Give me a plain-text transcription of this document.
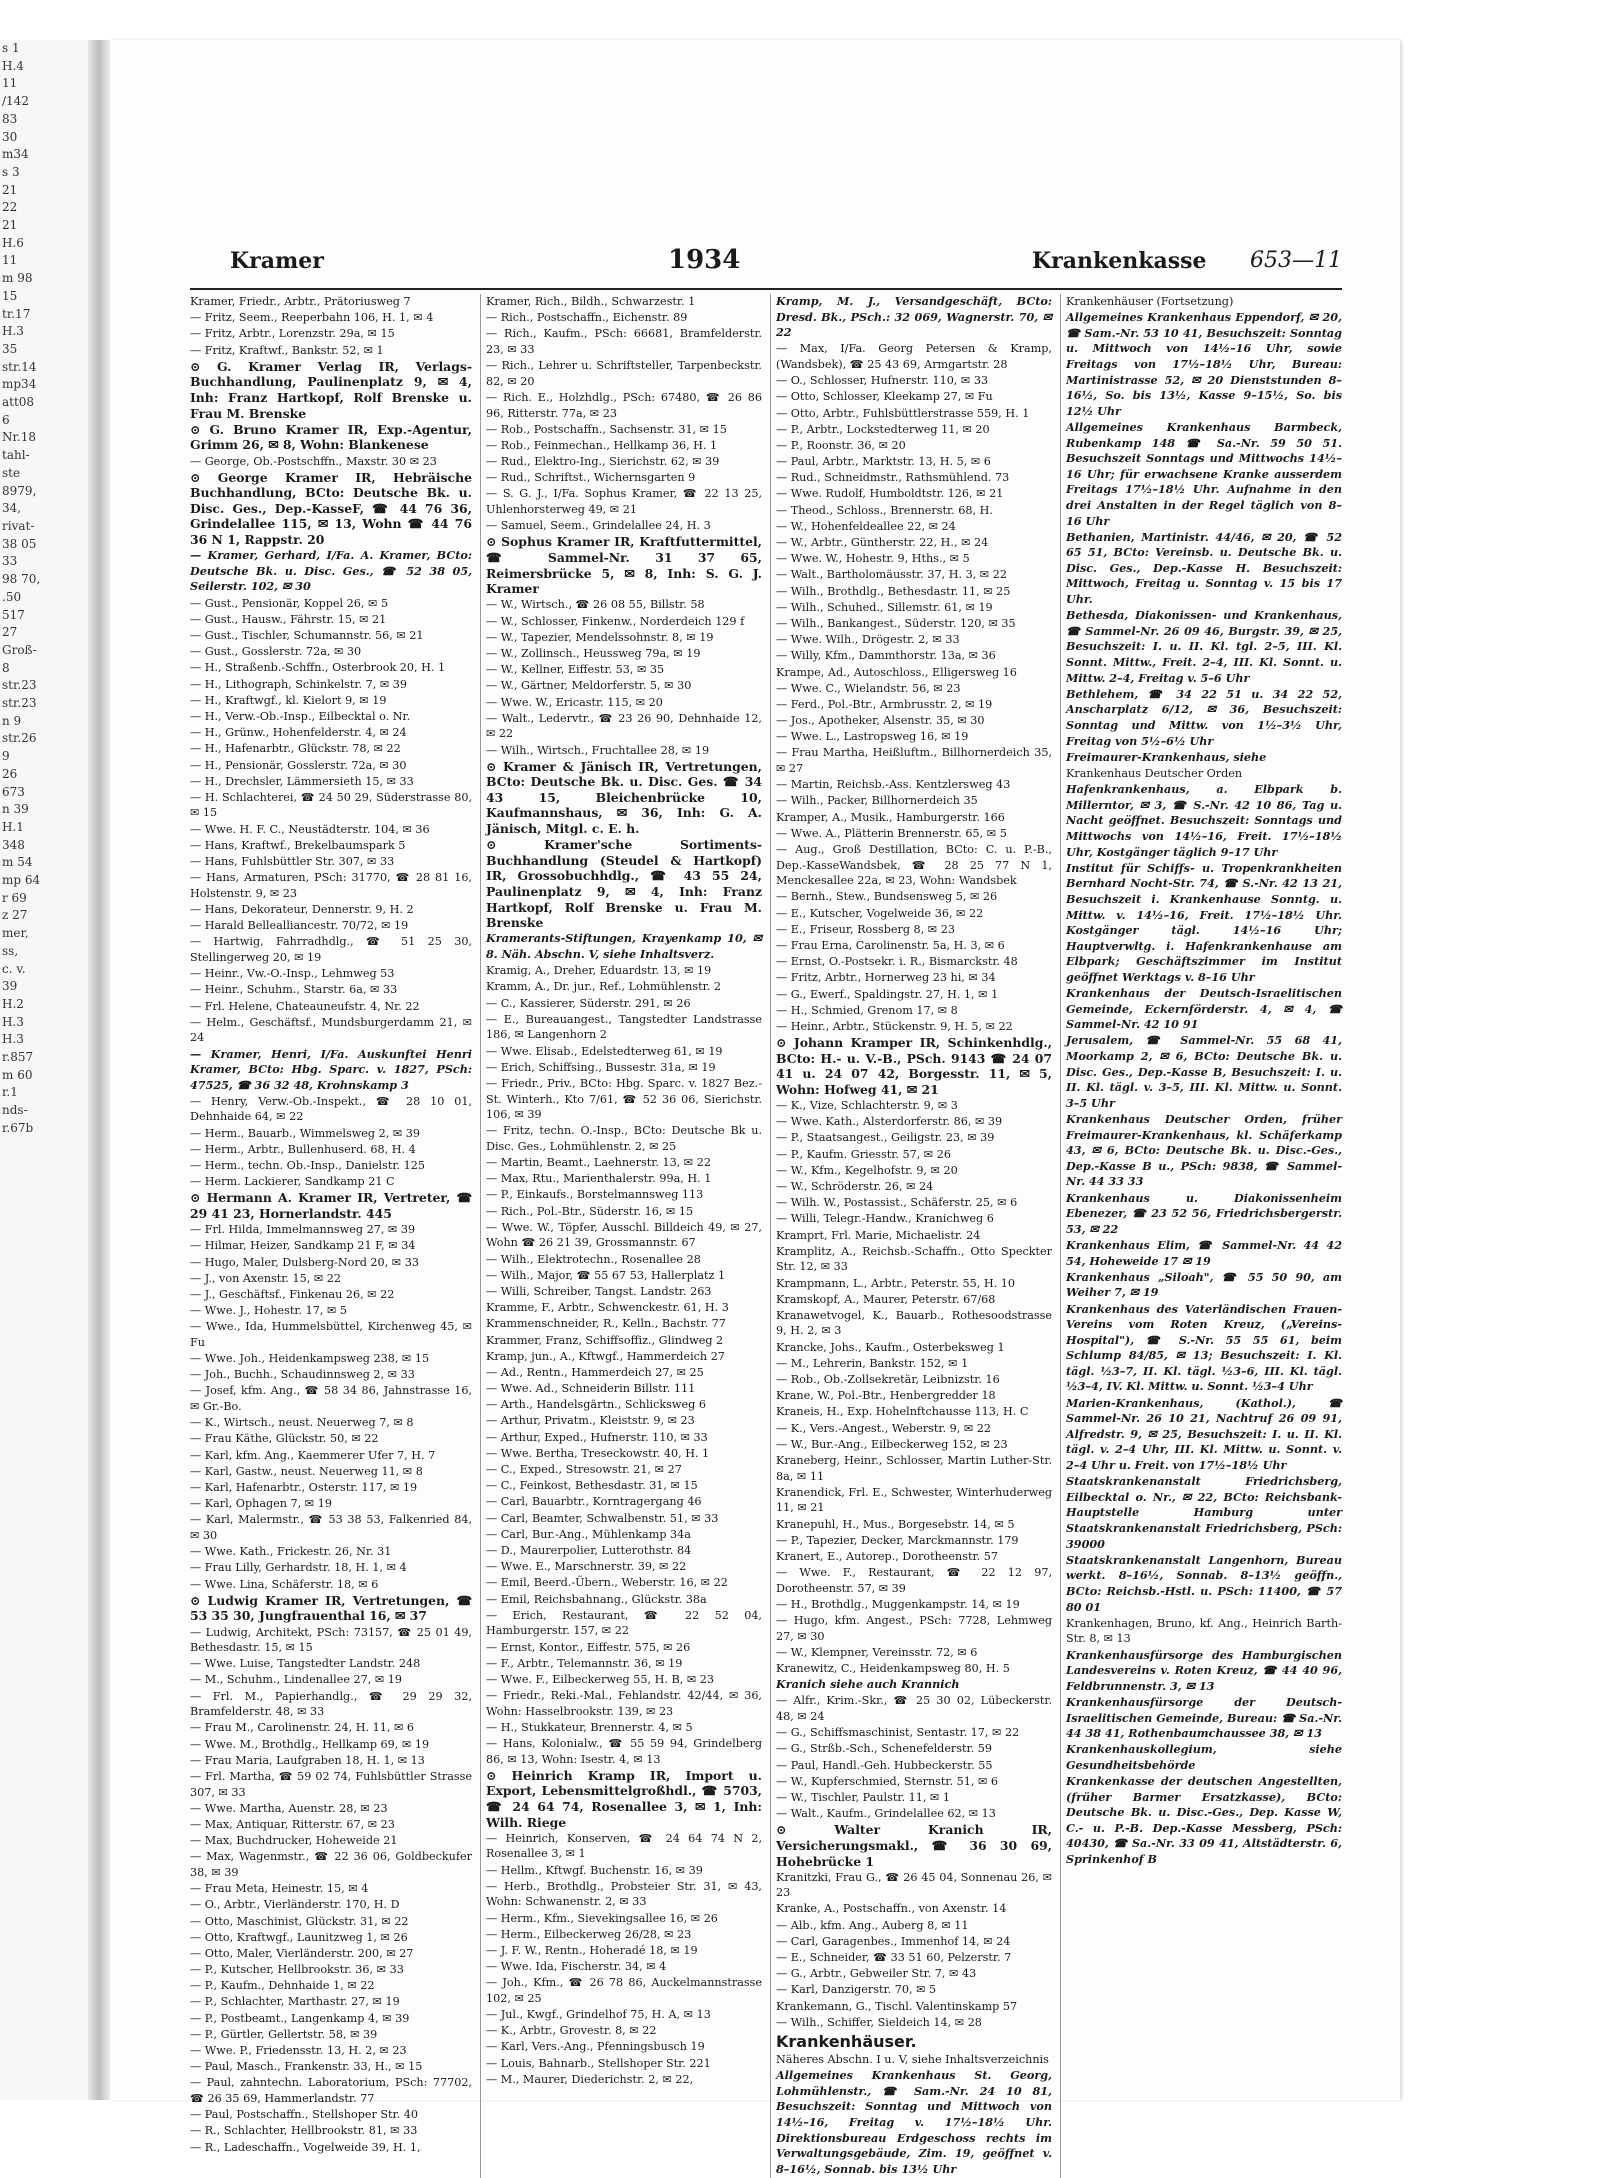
s 1
H.4
11
/142
83
30
m34
s 3
21
22
21
H.6
11
m 98
15
tr.17
H.3
35
str.14
mp34
att08
6
Nr.18
tahl-
ste
8979,
34,
rivat-
38 05
33
98 70,
.50
517
27
Groß-
8
str.23
str.23
n 9
str.26
9
26
673
n 39
H.1
348
m 54
mp 64
r 69
z 27
mer,
ss,
c. v.
39
H.2
H.3
H.3
r.857
m 60
r.1
nds-
r.67b
Kramer	1934	Krankenkasse 653—11
Kramer, Friedr., Arbtr., Prätoriusweg 7
— Fritz, Seem., Reeperbahn 106, H. 1, ✉ 4
— Fritz, Arbtr., Lorenzstr. 29a, ✉ 15
— Fritz, Kraftwf., Bankstr. 52, ✉ 1
⊙ G. Kramer Verlag IR, Verlags-Buchhandlung, Paulinenplatz 9, ✉ 4, Inh: Franz Hartkopf, Rolf Brenske u. Frau M. Brenske
⊙ G. Bruno Kramer IR, Exp.-Agentur, Grimm 26, ✉ 8, Wohn: Blankenese
— George, Ob.-Postschffn., Maxstr. 30 ✉ 23
⊙ George Kramer IR, Hebräische Buchhandlung, BCto: Deutsche Bk. u. Disc. Ges., Dep.-KasseF, ☎ 44 76 36, Grindelallee 115, ✉ 13, Wohn ☎ 44 76 36 N 1, Rappstr. 20
— Kramer, Gerhard, I/Fa. A. Kramer, BCto: Deutsche Bk. u. Disc. Ges., ☎ 52 38 05, Seilerstr. 102, ✉ 30
— Gust., Pensionär, Koppel 26, ✉ 5
— Gust., Hausw., Fährstr. 15, ✉ 21
— Gust., Tischler, Schumannstr. 56, ✉ 21
— Gust., Gosslerstr. 72a, ✉ 30
— H., Straßenb.-Schffn., Osterbrook 20, H. 1
— H., Lithograph, Schinkelstr. 7, ✉ 39
— H., Kraftwgf., kl. Kielort 9, ✉ 19
— H., Verw.-Ob.-Insp., Eilbecktal o. Nr.
— H., Grünw., Hohenfelderstr. 4, ✉ 24
— H., Hafenarbtr., Glückstr. 78, ✉ 22
— H., Pensionär, Gosslerstr. 72a, ✉ 30
— H., Drechsler, Lämmersieth 15, ✉ 33
— H. Schlachterei, ☎ 24 50 29, Süderstrasse 80, ✉ 15
— Wwe. H. F. C., Neustädterstr. 104, ✉ 36
— Hans, Kraftwf., Brekelbaumspark 5
— Hans, Fuhlsbüttler Str. 307, ✉ 33
— Hans, Armaturen, PSch: 31770, ☎ 28 81 16, Holstenstr. 9, ✉ 23
— Hans, Dekorateur, Dennerstr. 9, H. 2
— Harald Bellealliancestr. 70/72, ✉ 19
— Hartwig, Fahrradhdlg., ☎ 51 25 30, Stellingerweg 20, ✉ 19
— Heinr., Vw.-O.-Insp., Lehmweg 53
— Heinr., Schuhm., Starstr. 6a, ✉ 33
— Frl. Helene, Chateauneufstr. 4, Nr. 22
— Helm., Geschäftsf., Mundsburgerdamm 21, ✉ 24
— Kramer, Henri, I/Fa. Auskunftei Henri Kramer, BCto: Hbg. Sparc. v. 1827, PSch: 47525, ☎ 36 32 48, Krohnskamp 3
— Henry, Verw.-Ob.-Inspekt., ☎ 28 10 01, Dehnhaide 64, ✉ 22
— Herm., Bauarb., Wimmelsweg 2, ✉ 39
— Herm., Arbtr., Bullenhuserd. 68, H. 4
— Herm., techn. Ob.-Insp., Danielstr. 125
— Herm. Lackierer, Sandkamp 21 C
⊙ Hermann A. Kramer IR, Vertreter, ☎ 29 41 23, Hornerlandstr. 445
— Frl. Hilda, Immelmannsweg 27, ✉ 39
— Hilmar, Heizer, Sandkamp 21 F, ✉ 34
— Hugo, Maler, Dulsberg-Nord 20, ✉ 33
— J., von Axenstr. 15, ✉ 22
— J., Geschäftsf., Finkenau 26, ✉ 22
— Wwe. J., Hohestr. 17, ✉ 5
— Wwe., Ida, Hummelsbüttel, Kirchenweg 45, ✉ Fu
— Wwe. Joh., Heidenkampsweg 238, ✉ 15
— Joh., Buchh., Schaudinnsweg 2, ✉ 33
— Josef, kfm. Ang., ☎ 58 34 86, Jahnstrasse 16, ✉ Gr.-Bo.
— K., Wirtsch., neust. Neuerweg 7, ✉ 8
— Frau Käthe, Glückstr. 50, ✉ 22
— Karl, kfm. Ang., Kaemmerer Ufer 7, H. 7
— Karl, Gastw., neust. Neuerweg 11, ✉ 8
— Karl, Hafenarbtr., Osterstr. 117, ✉ 19
— Karl, Ophagen 7, ✉ 19
— Karl, Malermstr., ☎ 53 38 53, Falkenried 84, ✉ 30
— Wwe. Kath., Frickestr. 26, Nr. 31
— Frau Lilly, Gerhardstr. 18, H. 1, ✉ 4
— Wwe. Lina, Schäferstr. 18, ✉ 6
⊙ Ludwig Kramer IR, Vertretungen, ☎ 53 35 30, Jungfrauenthal 16, ✉ 37
— Ludwig, Architekt, PSch: 73157, ☎ 25 01 49, Bethesdastr. 15, ✉ 15
— Wwe. Luise, Tangstedter Landstr. 248
— M., Schuhm., Lindenallee 27, ✉ 19
— Frl. M., Papierhandlg., ☎ 29 29 32, Bramfelderstr. 48, ✉ 33
— Frau M., Carolinenstr. 24, H. 11, ✉ 6
— Wwe. M., Brothdlg., Hellkamp 69, ✉ 19
— Frau Maria, Laufgraben 18, H. 1, ✉ 13
— Frl. Martha, ☎ 59 02 74, Fuhlsbüttler Strasse 307, ✉ 33
— Wwe. Martha, Auenstr. 28, ✉ 23
— Max, Antiquar, Ritterstr. 67, ✉ 23
— Max, Buchdrucker, Hoheweide 21
— Max, Wagenmstr., ☎ 22 36 06, Goldbeckufer 38, ✉ 39
— Frau Meta, Heinestr. 15, ✉ 4
— O., Arbtr., Vierländerstr. 170, H. D
— Otto, Maschinist, Glückstr. 31, ✉ 22
— Otto, Kraftwgf., Launitzweg 1, ✉ 26
— Otto, Maler, Vierländerstr. 200, ✉ 27
— P., Kutscher, Hellbrookstr. 36, ✉ 33
— P., Kaufm., Dehnhaide 1, ✉ 22
— P., Schlachter, Marthastr. 27, ✉ 19
— P., Postbeamt., Langenkamp 4, ✉ 39
— P., Gürtler, Gellertstr. 58, ✉ 39
— Wwe. P., Friedensstr. 13, H. 2, ✉ 23
— Paul, Masch., Frankenstr. 33, H., ✉ 15
— Paul, zahntechn. Laboratorium, PSch: 77702, ☎ 26 35 69, Hammerlandstr. 77
— Paul, Postschaffn., Stellshoper Str. 40
— R., Schlachter, Hellbrookstr. 81, ✉ 33
— R., Ladeschaffn., Vogelweide 39, H. 1,
Kramer, Rich., Bildh., Schwarzestr. 1
— Rich., Postschaffn., Eichenstr. 89
— Rich., Kaufm., PSch: 66681, Bramfelderstr. 23, ✉ 33
— Rich., Lehrer u. Schriftsteller, Tarpenbeckstr. 82, ✉ 20
— Rich. E., Holzhdlg., PSch: 67480, ☎ 26 86 96, Ritterstr. 77a, ✉ 23
— Rob., Postschaffn., Sachsenstr. 31, ✉ 15
— Rob., Feinmechan., Hellkamp 36, H. 1
— Rud., Elektro-Ing., Sierichstr. 62, ✉ 39
— Rud., Schriftst., Wichernsgarten 9
— S. G. J., I/Fa. Sophus Kramer, ☎ 22 13 25, Uhlenhorsterweg 49, ✉ 21
— Samuel, Seem., Grindelallee 24, H. 3
⊙ Sophus Kramer IR, Kraftfuttermittel, ☎ Sammel-Nr. 31 37 65, Reimersbrücke 5, ✉ 8, Inh: S. G. J. Kramer
— W., Wirtsch., ☎ 26 08 55, Billstr. 58
— W., Schlosser, Finkenw., Norderdeich 129 f
— W., Tapezier, Mendelssohnstr. 8, ✉ 19
— W., Zollinsch., Heussweg 79a, ✉ 19
— W., Kellner, Eiffestr. 53, ✉ 35
— W., Gärtner, Meldorferstr. 5, ✉ 30
— Wwe. W., Ericastr. 115, ✉ 20
— Walt., Ledervtr., ☎ 23 26 90, Dehnhaide 12, ✉ 22
— Wilh., Wirtsch., Fruchtallee 28, ✉ 19
⊙ Kramer & Jänisch IR, Vertretungen, BCto: Deutsche Bk. u. Disc. Ges. ☎ 34 43 15, Bleichenbrücke 10, Kaufmannshaus, ✉ 36, Inh: G. A. Jänisch, Mitgl. c. E. h.
⊙ Kramer'sche Sortiments-Buchhandlung (Steudel & Hartkopf) IR, Grossobuchhdlg., ☎ 43 55 24, Paulinenplatz 9, ✉ 4, Inh: Franz Hartkopf, Rolf Brenske u. Frau M. Brenske
Kramerants-Stiftungen, Krayenkamp 10, ✉ 8. Näh. Abschn. V, siehe Inhaltsverz.
Kramig, A., Dreher, Eduardstr. 13, ✉ 19
Kramm, A., Dr. jur., Ref., Lohmühlenstr. 2
— C., Kassierer, Süderstr. 291, ✉ 26
— E., Bureauangest., Tangstedter Landstrasse 186, ✉ Langenhorn 2
— Wwe. Elisab., Edelstedterweg 61, ✉ 19
— Erich, Schiffsing., Bussestr. 31a, ✉ 19
— Friedr., Priv., BCto: Hbg. Sparc. v. 1827 Bez.-St. Winterh., Kto 7/61, ☎ 52 36 06, Sierichstr. 106, ✉ 39
— Fritz, techn. O.-Insp., BCto: Deutsche Bk u. Disc. Ges., Lohmühlenstr. 2, ✉ 25
— Martin, Beamt., Laehnerstr. 13, ✉ 22
— Max, Rtu., Marienthalerstr. 99a, H. 1
— P., Einkaufs., Borstelmannsweg 113
— Rich., Pol.-Btr., Süderstr. 16, ✉ 15
— Wwe. W., Töpfer, Ausschl. Billdeich 49, ✉ 27, Wohn ☎ 26 21 39, Grossmannstr. 67
— Wilh., Elektrotechn., Rosenallee 28
— Wilh., Major, ☎ 55 67 53, Hallerplatz 1
— Willi, Schreiber, Tangst. Landstr. 263
Kramme, F., Arbtr., Schwenckestr. 61, H. 3
Krammenschneider, R., Kelln., Bachstr. 77
Krammer, Franz, Schiffsoffiz., Glindweg 2
Kramp, jun., A., Kftwgf., Hammerdeich 27
— Ad., Rentn., Hammerdeich 27, ✉ 25
— Wwe. Ad., Schneiderin Billstr. 111
— Arth., Handelsgärtn., Schlicksweg 6
— Arthur, Privatm., Kleiststr. 9, ✉ 23
— Arthur, Exped., Hufnerstr. 110, ✉ 33
— Wwe. Bertha, Treseckowstr. 40, H. 1
— C., Exped., Stresowstr. 21, ✉ 27
— C., Feinkost, Bethesdastr. 31, ✉ 15
— Carl, Bauarbtr., Korntragergang 46
— Carl, Beamter, Schwalbenstr. 51, ✉ 33
— Carl, Bur.-Ang., Mühlenkamp 34a
— D., Maurerpolier, Lutterothstr. 84
— Wwe. E., Marschnerstr. 39, ✉ 22
— Emil, Beerd.-Übern., Weberstr. 16, ✉ 22
— Emil, Reichsbahnang., Glückstr. 38a
— Erich, Restaurant, ☎ 22 52 04, Hamburgerstr. 157, ✉ 22
— Ernst, Kontor., Eiffestr. 575, ✉ 26
— F., Arbtr., Telemannstr. 36, ✉ 19
— Wwe. F., Eilbeckerweg 55, H. B, ✉ 23
— Friedr., Reki.-Mal., Fehlandstr. 42/44, ✉ 36, Wohn: Hasselbrookstr. 139, ✉ 23
— H., Stukkateur, Brennerstr. 4, ✉ 5
— Hans, Kolonialw., ☎ 55 59 94, Grindelberg 86, ✉ 13, Wohn: Isestr. 4, ✉ 13
⊙ Heinrich Kramp IR, Import u. Export, Lebensmittelgroßhdl., ☎ 5703, ☎ 24 64 74, Rosenallee 3, ✉ 1, Inh: Wilh. Riege
— Heinrich, Konserven, ☎ 24 64 74 N 2, Rosenallee 3, ✉ 1
— Hellm., Kftwgf. Buchenstr. 16, ✉ 39
— Herb., Brothdlg., Probsteier Str. 31, ✉ 43, Wohn: Schwanenstr. 2, ✉ 33
— Herm., Kfm., Sievekingsallee 16, ✉ 26
— Herm., Eilbeckerweg 26/28, ✉ 23
— J. F. W., Rentn., Hoheradé 18, ✉ 19
— Wwe. Ida, Fischerstr. 34, ✉ 4
— Joh., Kfm., ☎ 26 78 86, Auckelmannstrasse 102, ✉ 25
— Jul., Kwgf., Grindelhof 75, H. A, ✉ 13
— K., Arbtr., Grovestr. 8, ✉ 22
— Karl, Vers.-Ang., Pfenningsbusch 19
— Louis, Bahnarb., Stellshoper Str. 221
— M., Maurer, Diederichstr. 2, ✉ 22,
Kramp, M. J., Versandgeschäft, BCto: Dresd. Bk., PSch.: 32 069, Wagnerstr. 70, ✉ 22
— Max, I/Fa. Georg Petersen & Kramp, (Wandsbek), ☎ 25 43 69, Armgartstr. 28
— O., Schlosser, Hufnerstr. 110, ✉ 33
— Otto, Schlosser, Kleekamp 27, ✉ Fu
— Otto, Arbtr., Fuhlsbüttlerstrasse 559, H. 1
— P., Arbtr., Lockstedterweg 11, ✉ 20
— P., Roonstr. 36, ✉ 20
— Paul, Arbtr., Marktstr. 13, H. 5, ✉ 6
— Rud., Schneidmstr., Rathsmühlend. 73
— Wwe. Rudolf, Humboldtstr. 126, ✉ 21
— Theod., Schloss., Brennerstr. 68, H.
— W., Hohenfeldeallee 22, ✉ 24
— W., Arbtr., Güntherstr. 22, H., ✉ 24
— Wwe. W., Hohestr. 9, Hths., ✉ 5
— Walt., Bartholomäusstr. 37, H. 3, ✉ 22
— Wilh., Brothdlg., Bethesdastr. 11, ✉ 25
— Wilh., Schuhed., Sillemstr. 61, ✉ 19
— Wilh., Bankangest., Süderstr. 120, ✉ 35
— Wwe. Wilh., Drögestr. 2, ✉ 33
— Willy, Kfm., Dammthorstr. 13a, ✉ 36
Krampe, Ad., Autoschloss., Elligersweg 16
— Wwe. C., Wielandstr. 56, ✉ 23
— Ferd., Pol.-Btr., Armbrusstr. 2, ✉ 19
— Jos., Apotheker, Alsenstr. 35, ✉ 30
— Wwe. L., Lastropsweg 16, ✉ 19
— Frau Martha, Heißluftm., Billhornerdeich 35, ✉ 27
— Martin, Reichsb.-Ass. Kentzlersweg 43
— Wilh., Packer, Billhornerdeich 35
Kramper, A., Musik., Hamburgerstr. 166
— Wwe. A., Plätterin Brennerstr. 65, ✉ 5
— Aug., Groß Destillation, BCto: C. u. P.-B., Dep.-KasseWandsbek, ☎ 28 25 77 N 1, Menckesallee 22a, ✉ 23, Wohn: Wandsbek
— Bernh., Stew., Bundsensweg 5, ✉ 26
— E., Kutscher, Vogelweide 36, ✉ 22
— E., Friseur, Rossberg 8, ✉ 23
— Frau Erna, Carolinenstr. 5a, H. 3, ✉ 6
— Ernst, O.-Postsekr. i. R., Bismarckstr. 48
— Fritz, Arbtr., Hornerweg 23 hi, ✉ 34
— G., Ewerf., Spaldingstr. 27, H. 1, ✉ 1
— H., Schmied, Grenom 17, ✉ 8
— Heinr., Arbtr., Stückenstr. 9, H. 5, ✉ 22
⊙ Johann Kramper IR, Schinkenhdlg., BCto: H.- u. V.-B., PSch. 9143 ☎ 24 07 41 u. 24 07 42, Borgesstr. 11, ✉ 5, Wohn: Hofweg 41, ✉ 21
— K., Vize, Schlachterstr. 9, ✉ 3
— Wwe. Kath., Alsterdorferstr. 86, ✉ 39
— P., Staatsangest., Geiligstr. 23, ✉ 39
— P., Kaufm. Griesstr. 57, ✉ 26
— W., Kfm., Kegelhofstr. 9, ✉ 20
— W., Schröderstr. 26, ✉ 24
— Wilh. W., Postassist., Schäferstr. 25, ✉ 6
— Willi, Telegr.-Handw., Kranichweg 6
Kramprt, Frl. Marie, Michaelistr. 24
Kramplitz, A., Reichsb.-Schaffn., Otto Speckter Str. 12, ✉ 33
Krampmann, L., Arbtr., Peterstr. 55, H. 10
Kramskopf, A., Maurer, Peterstr. 67/68
Kranawetvogel, K., Bauarb., Rothesoodstrasse 9, H. 2, ✉ 3
Krancke, Johs., Kaufm., Osterbeksweg 1
— M., Lehrerin, Bankstr. 152, ✉ 1
— Rob., Ob.-Zollsekretär, Leibnizstr. 16
Krane, W., Pol.-Btr., Henbergredder 18
Kraneis, H., Exp. Hohelnftchausse 113, H. C
— K., Vers.-Angest., Weberstr. 9, ✉ 22
— W., Bur.-Ang., Eilbeckerweg 152, ✉ 23
Kraneberg, Heinr., Schlosser, Martin Luther-Str. 8a, ✉ 11
Kranendick, Frl. E., Schwester, Winterhuderweg 11, ✉ 21
Kranepuhl, H., Mus., Borgesebstr. 14, ✉ 5
— P., Tapezier, Decker, Marckmannstr. 179
Kranert, E., Autorep., Dorotheenstr. 57
— Wwe. F., Restaurant, ☎ 22 12 97, Dorotheenstr. 57, ✉ 39
— H., Brothdlg., Muggenkampstr. 14, ✉ 19
— Hugo, kfm. Angest., PSch: 7728, Lehmweg 27, ✉ 30
— W., Klempner, Vereinsstr. 72, ✉ 6
Kranewitz, C., Heidenkampsweg 80, H. 5
Kranich siehe auch Krannich
— Alfr., Krim.-Skr., ☎ 25 30 02, Lübeckerstr. 48, ✉ 24
— G., Schiffsmaschinist, Sentastr. 17, ✉ 22
— G., Strßb.-Sch., Schenefelderstr. 59
— Paul, Handl.-Geh. Hubbeckerstr. 55
— W., Kupferschmied, Sternstr. 51, ✉ 6
— W., Tischler, Paulstr. 11, ✉ 1
— Walt., Kaufm., Grindelallee 62, ✉ 13
⊙ Walter Kranich IR, Versicherungsmakl., ☎ 36 30 69, Hohebrücke 1
Kranitzki, Frau G., ☎ 26 45 04, Sonnenau 26, ✉ 23
Kranke, A., Postschaffn., von Axenstr. 14
— Alb., kfm. Ang., Auberg 8, ✉ 11
— Carl, Garagenbes., Immenhof 14, ✉ 24
— E., Schneider, ☎ 33 51 60, Pelzerstr. 7
— G., Arbtr., Gebweiler Str. 7, ✉ 43
— Karl, Danzigerstr. 70, ✉ 5
Krankemann, G., Tischl. Valentinskamp 57
— Wilh., Schiffer, Sieldeich 14, ✉ 28
Krankenhäuser.
Näheres Abschn. I u. V, siehe Inhaltsverzeichnis
Allgemeines Krankenhaus St. Georg, Lohmühlenstr., ☎ Sam.-Nr. 24 10 81, Besuchszeit: Sonntag und Mittwoch von 14½–16, Freitag v. 17½–18½ Uhr. Direktionsbureau Erdgeschoss rechts im Verwaltungsgebäude, Zim. 19, geöffnet v. 8–16½, Sonnab. bis 13½ Uhr
Krankenhäuser (Fortsetzung)
Allgemeines Krankenhaus Eppendorf, ✉ 20, ☎ Sam.-Nr. 53 10 41, Besuchszeit: Sonntag u. Mittwoch von 14½–16 Uhr, sowie Freitags von 17½–18½ Uhr, Bureau: Martinistrasse 52, ✉ 20 Dienststunden 8–16½, So. bis 13½, Kasse 9–15½, So. bis 12½ Uhr
Allgemeines Krankenhaus Barmbeck, Rubenkamp 148 ☎ Sa.-Nr. 59 50 51. Besuchszeit Sonntags und Mittwochs 14½–16 Uhr; für erwachsene Kranke ausserdem Freitags 17½–18½ Uhr. Aufnahme in den drei Anstalten in der Regel täglich von 8–16 Uhr
Bethanien, Martinistr. 44/46, ✉ 20, ☎ 52 65 51, BCto: Vereinsb. u. Deutsche Bk. u. Disc. Ges., Dep.-Kasse H. Besuchszeit: Mittwoch, Freitag u. Sonntag v. 15 bis 17 Uhr.
Bethesda, Diakonissen- und Krankenhaus, ☎ Sammel-Nr. 26 09 46, Burgstr. 39, ✉ 25, Besuchszeit: I. u. II. Kl. tgl. 2–5, III. Kl. Sonnt. Mittw., Freit. 2–4, III. Kl. Sonnt. u. Mittw. 2–4, Freitag v. 5–6 Uhr
Bethlehem, ☎ 34 22 51 u. 34 22 52, Anscharplatz 6/12, ✉ 36, Besuchszeit: Sonntag und Mittw. von 1½–3½ Uhr, Freitag von 5½–6½ Uhr
Freimaurer-Krankenhaus, siehe
Krankenhaus Deutscher Orden
Hafenkrankenhaus, a. Elbpark b. Millerntor, ✉ 3, ☎ S.-Nr. 42 10 86, Tag u. Nacht geöffnet. Besuchszeit: Sonntags und Mittwochs von 14½–16, Freit. 17½–18½ Uhr, Kostgänger täglich 9–17 Uhr
Institut für Schiffs- u. Tropenkrankheiten Bernhard Nocht-Str. 74, ☎ S.-Nr. 42 13 21, Besuchszeit i. Krankenhause Sonntg. u. Mittw. v. 14½–16, Freit. 17½–18½ Uhr. Kostgänger tägl. 14½–16 Uhr; Hauptverwltg. i. Hafenkrankenhause am Elbpark; Geschäftszimmer im Institut geöffnet Werktags v. 8–16 Uhr
Krankenhaus der Deutsch-Israelitischen Gemeinde, Eckernförderstr. 4, ✉ 4, ☎ Sammel-Nr. 42 10 91
Jerusalem, ☎ Sammel-Nr. 55 68 41, Moorkamp 2, ✉ 6, BCto: Deutsche Bk. u. Disc. Ges., Dep.-Kasse B, Besuchszeit: I. u. II. Kl. tägl. v. 3–5, III. Kl. Mittw. u. Sonnt. 3–5 Uhr
Krankenhaus Deutscher Orden, früher Freimaurer-Krankenhaus, kl. Schäferkamp 43, ✉ 6, BCto: Deutsche Bk. u. Disc.-Ges., Dep.-Kasse B u., PSch: 9838, ☎ Sammel-Nr. 44 33 33
Krankenhaus u. Diakonissenheim Ebenezer, ☎ 23 52 56, Friedrichsbergerstr. 53, ✉ 22
Krankenhaus Elim, ☎ Sammel-Nr. 44 42 54, Hoheweide 17 ✉ 19
Krankenhaus „Siloah", ☎ 55 50 90, am Weiher 7, ✉ 19
Krankenhaus des Vaterländischen Frauen-Vereins vom Roten Kreuz, („Vereins-Hospital"), ☎ S.-Nr. 55 55 61, beim Schlump 84/85, ✉ 13; Besuchszeit: I. Kl. tägl. ½3–7, II. Kl. tägl. ½3–6, III. Kl. tägl. ½3–4, IV. Kl. Mittw. u. Sonnt. ½3–4 Uhr
Marien-Krankenhaus, (Kathol.), ☎ Sammel-Nr. 26 10 21, Nachtruf 26 09 91, Alfredstr. 9, ✉ 25, Besuchszeit: I. u. II. Kl. tägl. v. 2–4 Uhr, III. Kl. Mittw. u. Sonnt. v. 2–4 Uhr u. Freit. von 17½–18½ Uhr
Staatskrankenanstalt Friedrichsberg, Eilbecktal o. Nr., ✉ 22, BCto: Reichsbank-Hauptstelle Hamburg unter Staatskrankenanstalt Friedrichsberg, PSch: 39000
Staatskrankenanstalt Langenhorn, Bureau werkt. 8–16½, Sonnab. 8–13½ geöffn., BCto: Reichsb.-Hstl. u. PSch: 11400, ☎ 57 80 01
Krankenhagen, Bruno, kf. Ang., Heinrich Barth-Str. 8, ✉ 13
Krankenhausfürsorge des Hamburgischen Landesvereins v. Roten Kreuz, ☎ 44 40 96, Feldbrunnenstr. 3, ✉ 13
Krankenhausfürsorge der Deutsch-Israelitischen Gemeinde, Bureau: ☎ Sa.-Nr. 44 38 41, Rothenbaumchaussee 38, ✉ 13
Krankenhauskollegium, siehe Gesundheitsbehörde
Krankenkasse der deutschen Angestellten, (früher Barmer Ersatzkasse), BCto: Deutsche Bk. u. Disc.-Ges., Dep. Kasse W, C.- u. P.-B. Dep.-Kasse Messberg, PSch: 40430, ☎ Sa.-Nr. 33 09 41, Altstädterstr. 6, Sprinkenhof B
